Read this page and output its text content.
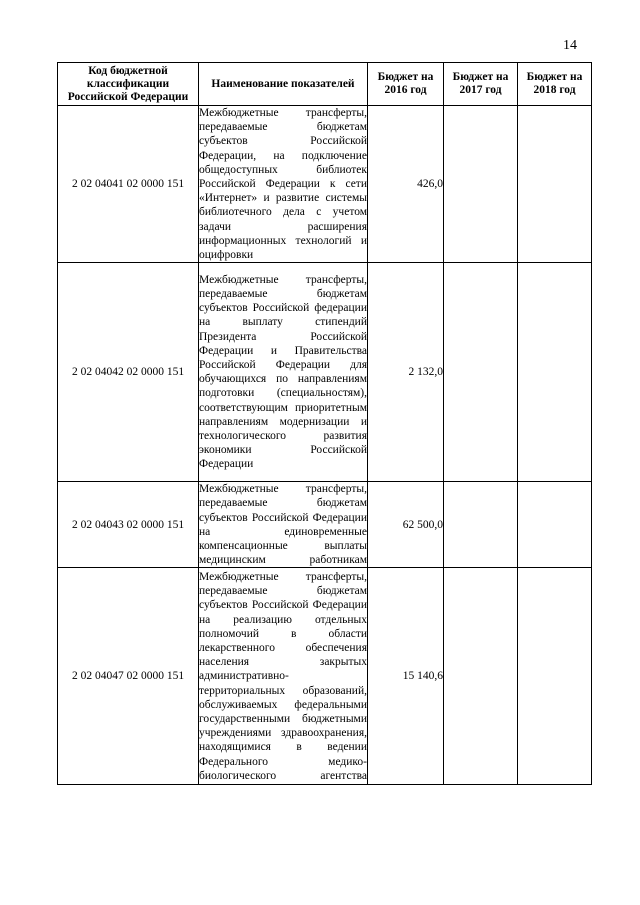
14
Код бюджетной классификации Российской Федерации	Наименование показателей	Бюджет на 2016 год	Бюджет на 2017 год	Бюджет на 2018 год
2 02 04041 02 0000 151	Межбюджетные трансферты, передаваемые бюджетам субъектов Российской Федерации, на подключение общедоступных библиотек Российской Федерации к сети «Интернет» и развитие системы библиотечного дела с учетом задачи расширения информационных технологий и оцифровки	426,0		
2 02 04042 02 0000 151	Межбюджетные трансферты, передаваемые бюджетам субъектов Российской федерации на выплату стипендий Президента Российской Федерации и Правительства Российской Федерации для обучающихся по направлениям подготовки (специальностям), соответствующим приоритетным направлениям модернизации и технологического развития экономики Российской Федерации	2 132,0		
2 02 04043 02 0000 151	Межбюджетные трансферты, передаваемые бюджетам субъектов Российской Федерации на единовременные компенсационные выплаты медицинским работникам	62 500,0		
2 02 04047 02 0000 151	Межбюджетные трансферты, передаваемые бюджетам субъектов Российской Федерации на реализацию отдельных полномочий в области лекарственного обеспечения населения закрытых административно-территориальных образований, обслуживаемых федеральными государственными бюджетными учреждениями здравоохранения, находящимися в ведении Федерального медико-биологического агентства	15 140,6		
